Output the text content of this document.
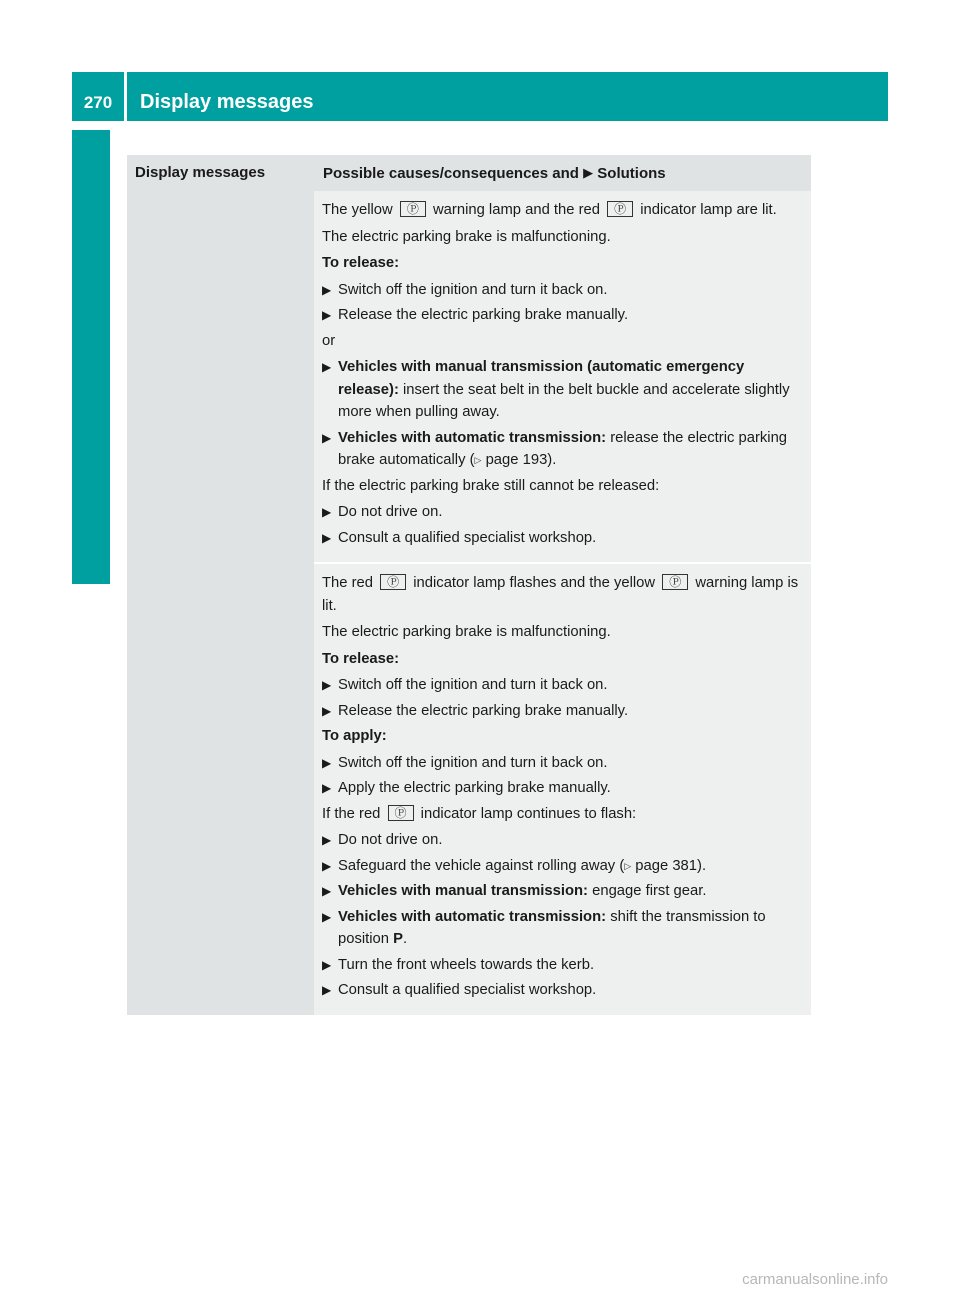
270	Display messages
On-board computer and displays
Display messages	Possible causes/consequences and ▶ Solutions

The yellow Ⓟ warning lamp and the red Ⓟ indicator lamp are lit.

The electric parking brake is malfunctioning.

To release:

▶ Switch off the ignition and turn it back on.
▶ Release the electric parking brake manually.

or

▶ Vehicles with manual transmission (automatic emergency release): insert the seat belt in the belt buckle and accelerate slightly more when pulling away.
▶ Vehicles with automatic transmission: release the electric parking brake automatically (▷ page 193).

If the electric parking brake still cannot be released:

▶ Do not drive on.
▶ Consult a qualified specialist workshop.

The red Ⓟ indicator lamp flashes and the yellow Ⓟ warning lamp is lit.

The electric parking brake is malfunctioning.

To release:

▶ Switch off the ignition and turn it back on.
▶ Release the electric parking brake manually.

To apply:

▶ Switch off the ignition and turn it back on.
▶ Apply the electric parking brake manually.

If the red Ⓟ indicator lamp continues to flash:

▶ Do not drive on.
▶ Safeguard the vehicle against rolling away (▷ page 381).
▶ Vehicles with manual transmission: engage first gear.
▶ Vehicles with automatic transmission: shift the transmission to position P.
▶ Turn the front wheels towards the kerb.
▶ Consult a qualified specialist workshop.
carmanualsonline.info
